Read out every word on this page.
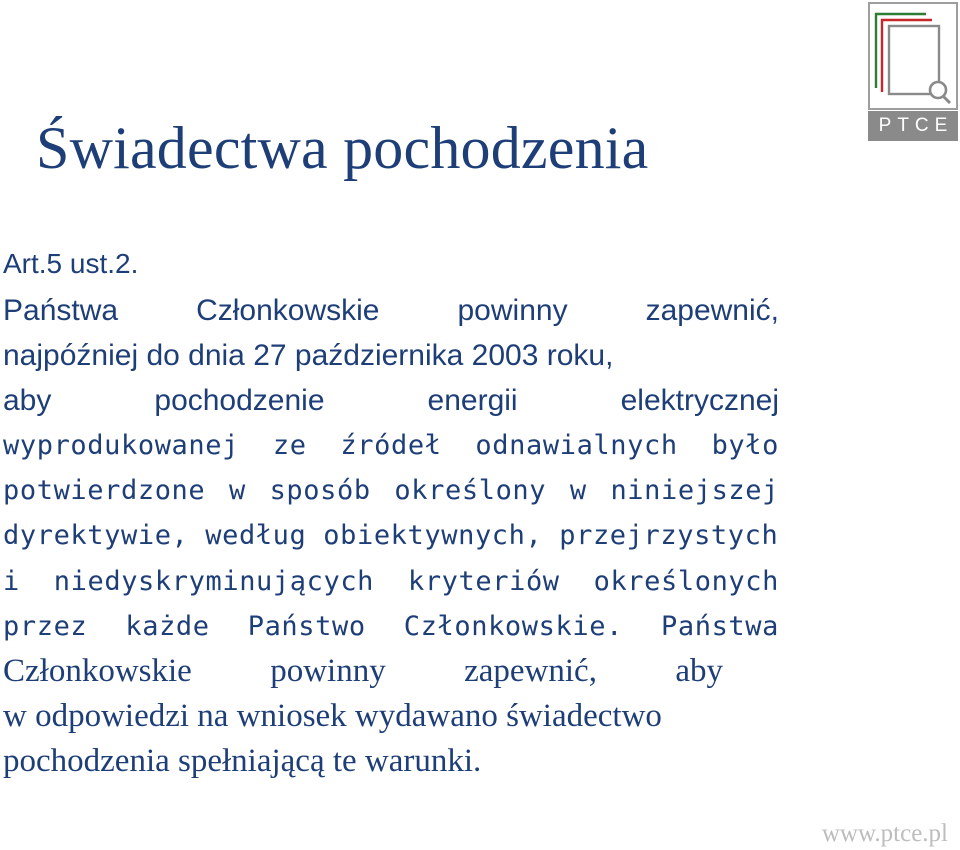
Świadectwa pochodzenia	PTCE

Art.5 ust.2.

Państwa Członkowskie powinny zapewnić,
najpóźniej do dnia 27 października 2003 roku,
aby pochodzenie energii elektrycznej
wyprodukowanej ze źródeł odnawialnych było
potwierdzone w sposób określony w niniejszej
dyrektywie, według obiektywnych, przejrzystych
i niedyskryminujących kryteriów określonych
przez każde Państwo Członkowskie. Państwa
Członkowskie powinny zapewnić, aby
w odpowiedzi na wniosek wydawano świadectwo
pochodzenia spełniającą te warunki.
www.ptce.pl
